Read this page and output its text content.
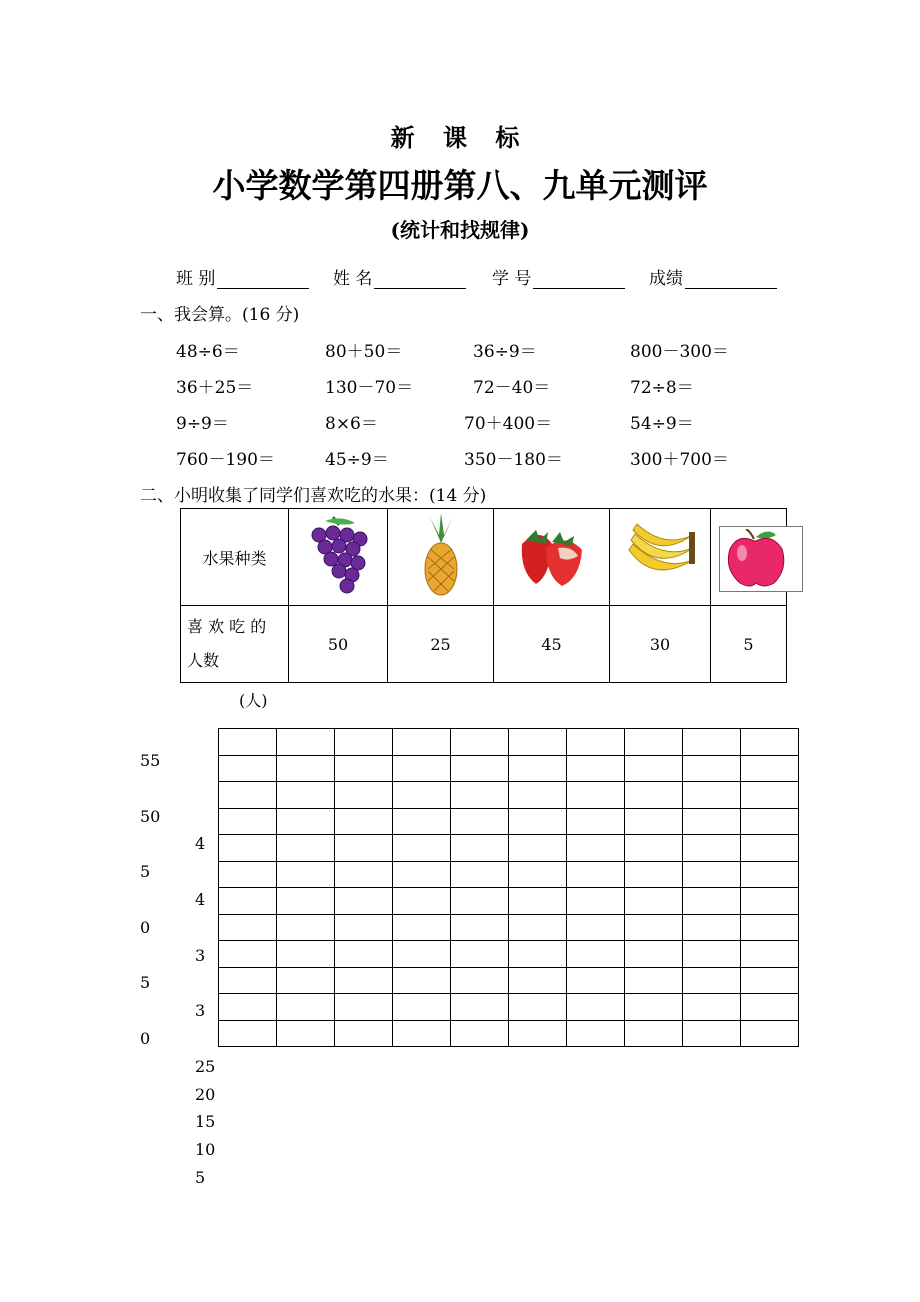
新 课 标
小学数学第四册第八、九单元测评
(统计和找规律)
班 别	姓 名	学 号	成绩
一、我会算。(16 分)
48÷6＝	80＋50＝	36÷9＝	800－300＝
36＋25＝	130－70＝	72－40＝	72÷8＝
9÷9＝	8×6＝	70＋400＝	54÷9＝
760－190＝	45÷9＝	350－180＝	300＋700＝
二、小明收集了同学们喜欢吃的水果：(14 分)
水果种类					

喜 欢 吃 的 人数	50	25	45	30	5
(人)

55
50
5
0
5
0
4
4
3
3
25
20
15
10
5
